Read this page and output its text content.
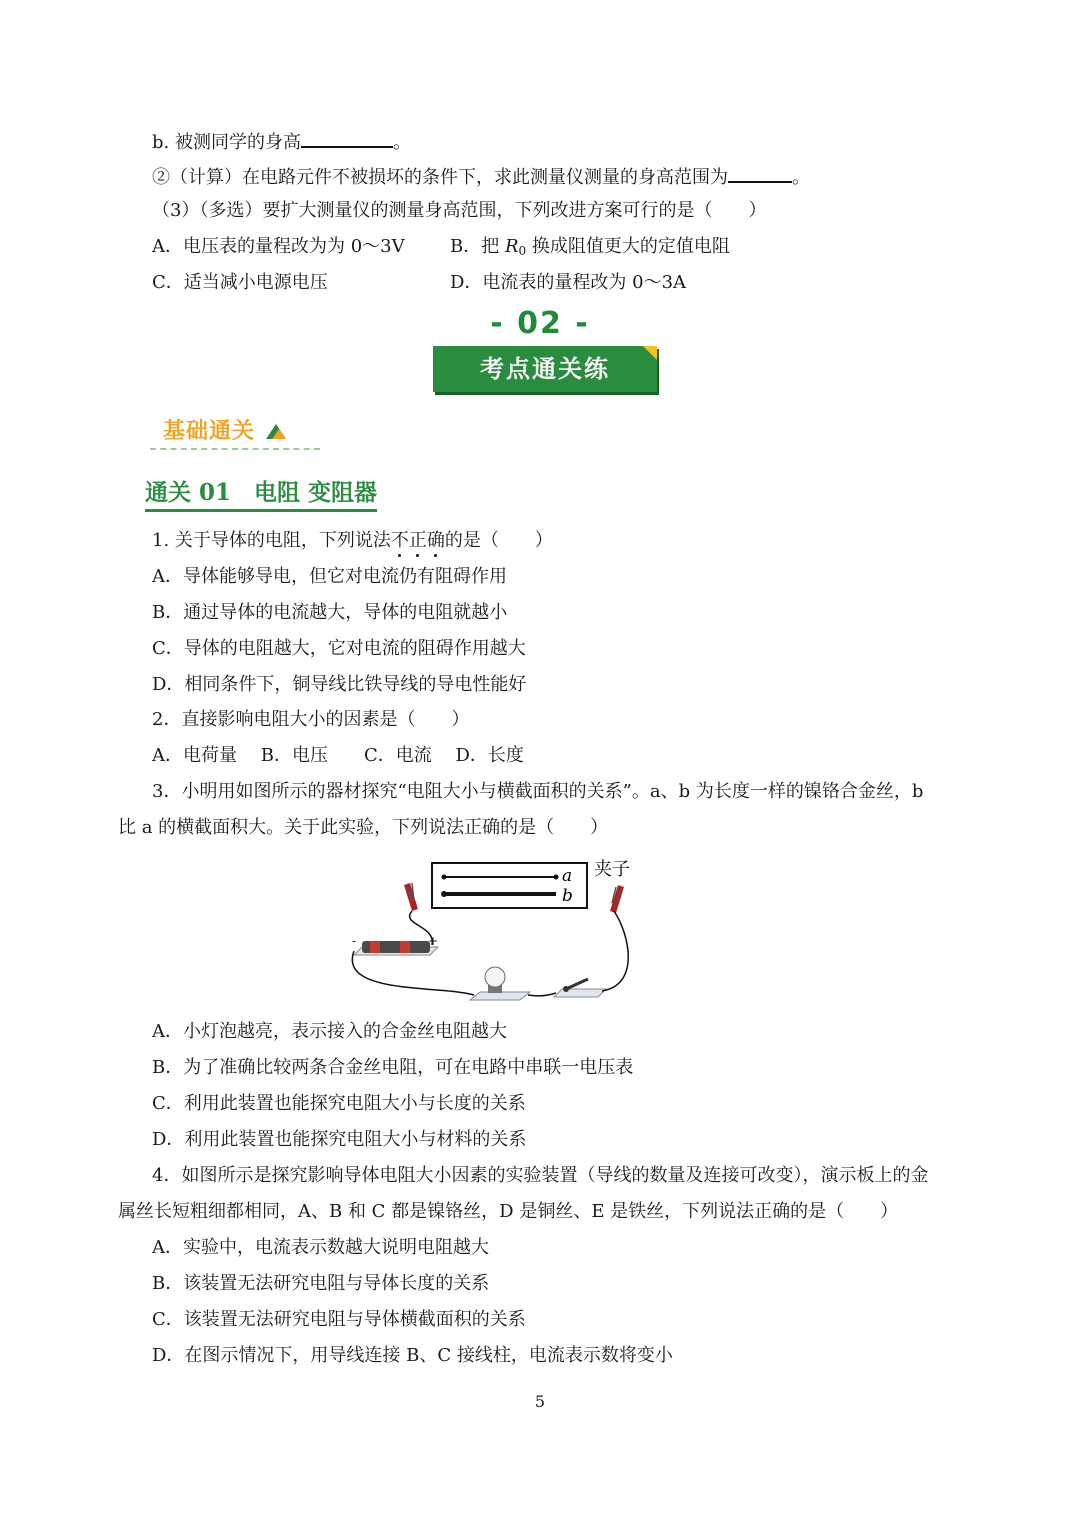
b. 被测同学的身高	。
②（计算）在电路元件不被损坏的条件下，求此测量仪测量的身高范围为	。
（3）（多选）要扩大测量仪的测量身高范围，下列改进方案可行的是（　　）
A．电压表的量程改为为 0～3V	B．把 R0 换成阻值更大的定值电阻
C．适当减小电源电压	D．电流表的量程改为 0～3A
- 02 -
考点通关练
基础通关
通关 01　电阻 变阻器
1. 关于导体的电阻，下列说法不正确的是（　　）
A．导体能够导电，但它对电流仍有阻碍作用
B．通过导体的电流越大，导体的电阻就越小
C．导体的电阻越大，它对电流的阻碍作用越大
D．相同条件下，铜导线比铁导线的导电性能好
2．直接影响电阻大小的因素是（　　）
A．电荷量　 B．电压　　C．电流　 D．长度
3．小明用如图所示的器材探究“电阻大小与横截面积的关系”。a、b 为长度一样的镍铬合金丝，b
比 a 的横截面积大。关于此实验，下列说法正确的是（　　）
a
b
夹子
-	+
A．小灯泡越亮，表示接入的合金丝电阻越大
B．为了准确比较两条合金丝电阻，可在电路中串联一电压表
C．利用此装置也能探究电阻大小与长度的关系
D．利用此装置也能探究电阻大小与材料的关系
4．如图所示是探究影响导体电阻大小因素的实验装置（导线的数量及连接可改变），演示板上的金
属丝长短粗细都相同，A、B 和 C 都是镍铬丝，D 是铜丝、E 是铁丝，下列说法正确的是（　　）
A．实验中，电流表示数越大说明电阻越大
B．该装置无法研究电阻与导体长度的关系
C．该装置无法研究电阻与导体横截面积的关系
D．在图示情况下，用导线连接 B、C 接线柱，电流表示数将变小
5
